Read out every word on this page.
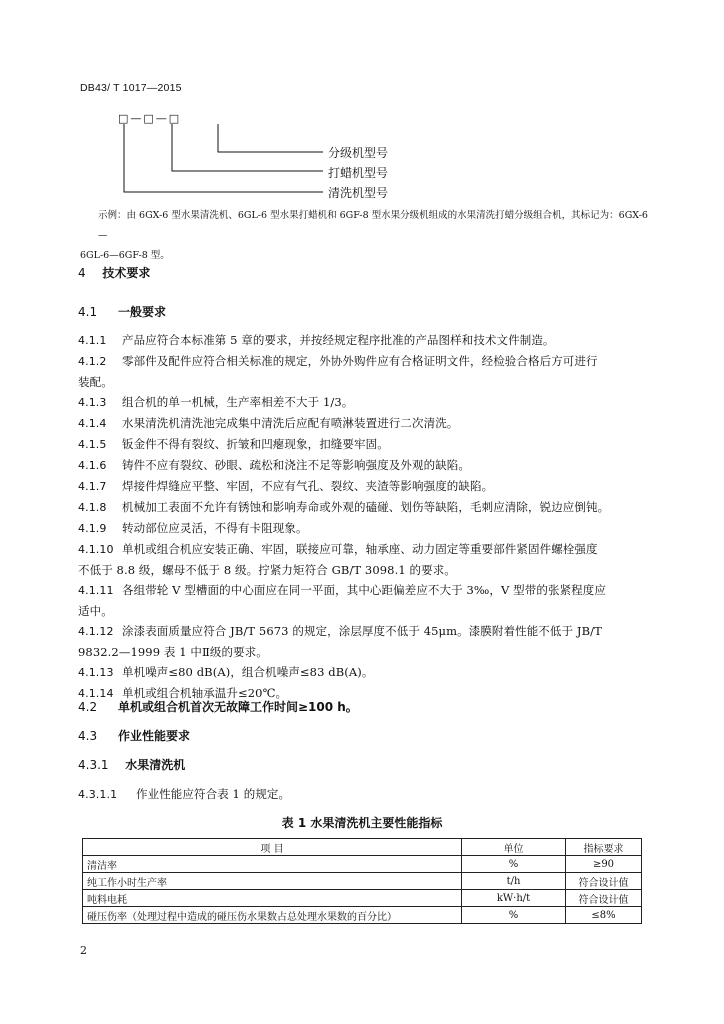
DB43/ T 1017—2015
□—□—□
分级机型号
打蜡机型号
清洗机型号
示例：由 6GX-6 型水果清洗机、6GL-6 型水果打蜡机和 6GF-8 型水果分级机组成的水果清洗打蜡分级组合机，其标记为：6GX-6—
6GL-6—6GF-8 型。
4 技术要求
4.1 一般要求
4.1.1 产品应符合本标准第 5 章的要求，并按经规定程序批准的产品图样和技术文件制造。
4.1.2 零部件及配件应符合相关标准的规定，外协外购件应有合格证明文件，经检验合格后方可进行
装配。
4.1.3 组合机的单一机械，生产率相差不大于 1/3。
4.1.4 水果清洗机清洗池完成集中清洗后应配有喷淋装置进行二次清洗。
4.1.5 钣金件不得有裂纹、折皱和凹瘪现象，扣缝要牢固。
4.1.6 铸件不应有裂纹、砂眼、疏松和浇注不足等影响强度及外观的缺陷。
4.1.7 焊接件焊缝应平整、牢固，不应有气孔、裂纹、夹渣等影响强度的缺陷。
4.1.8 机械加工表面不允许有锈蚀和影响寿命或外观的磕碰、划伤等缺陷，毛刺应清除，锐边应倒钝。
4.1.9 转动部位应灵活，不得有卡阻现象。
4.1.10 单机或组合机应安装正确、牢固，联接应可靠，轴承座、动力固定等重要部件紧固件螺栓强度
不低于 8.8 级，螺母不低于 8 级。拧紧力矩符合 GB/T 3098.1 的要求。
4.1.11 各组带轮 V 型槽面的中心面应在同一平面，其中心距偏差应不大于 3‰，V 型带的张紧程度应
适中。
4.1.12 涂漆表面质量应符合 JB/T 5673 的规定，涂层厚度不低于 45μm。漆膜附着性能不低于 JB/T
9832.2—1999 表 1 中Ⅱ级的要求。
4.1.13 单机噪声≤80 dB(A)，组合机噪声≤83 dB(A)。
4.1.14 单机或组合机轴承温升≤20℃。
4.2 单机或组合机首次无故障工作时间≥100 h。
4.3 作业性能要求
4.3.1 水果清洗机
4.3.1.1 作业性能应符合表 1 的规定。
表 1 水果清洗机主要性能指标
项 目	单位	指标要求
清洁率	%	≥90
纯工作小时生产率	t/h	符合设计值
吨料电耗	kW·h/t	符合设计值
碰压伤率（处理过程中造成的碰压伤水果数占总处理水果数的百分比）	%	≤8%
2
